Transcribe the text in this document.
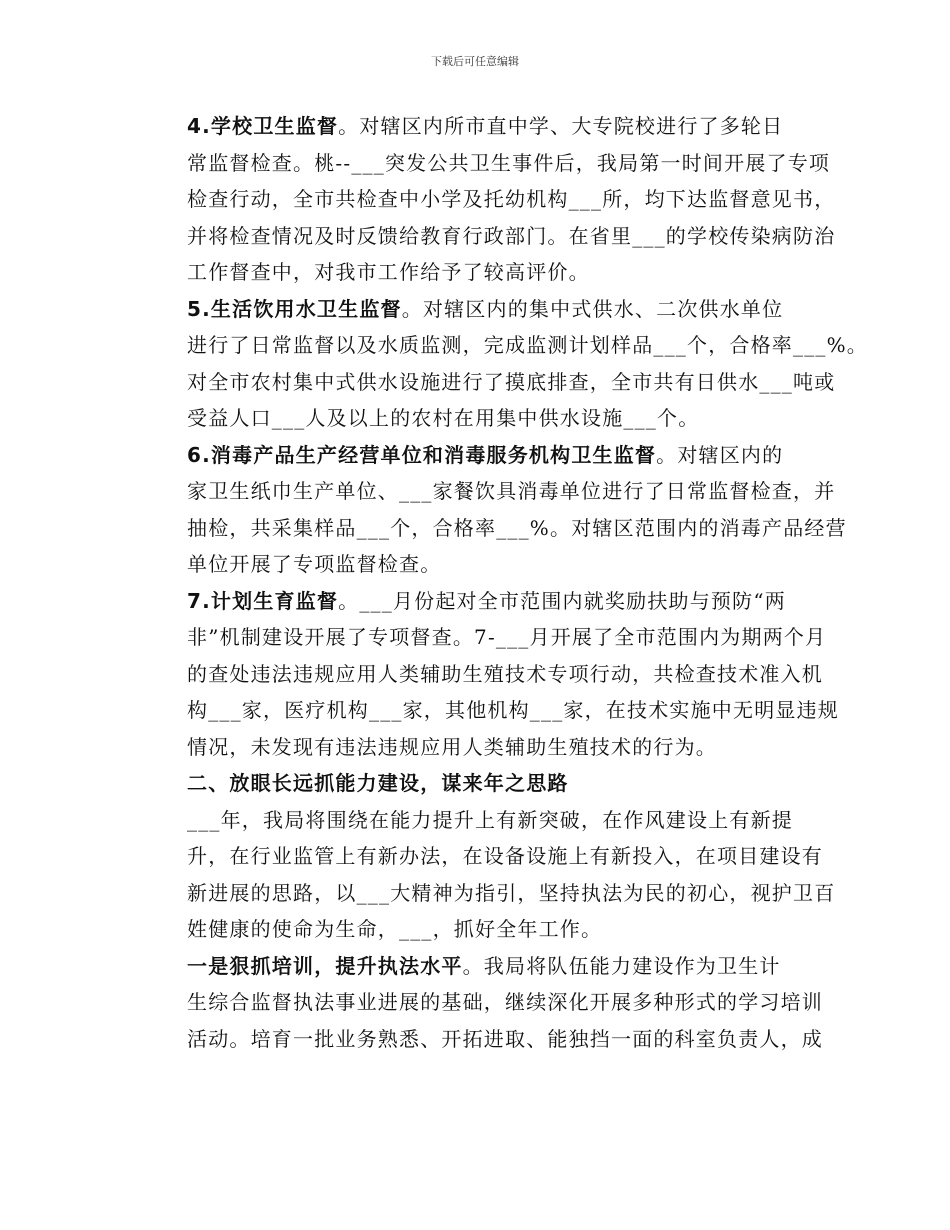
下载后可任意编辑

4.学校卫生监督。对辖区内所市直中学、大专院校进行了多轮日
常监督检查。桃--___突发公共卫生事件后，我局第一时间开展了专项
检查行动，全市共检查中小学及托幼机构___所，均下达监督意见书，
并将检查情况及时反馈给教育行政部门。在省里___的学校传染病防治
工作督查中，对我市工作给予了较高评价。

5.生活饮用水卫生监督。对辖区内的集中式供水、二次供水单位
进行了日常监督以及水质监测，完成监测计划样品___个，合格率___%。
对全市农村集中式供水设施进行了摸底排查，全市共有日供水___吨或
受益人口___人及以上的农村在用集中供水设施___个。

6.消毒产品生产经营单位和消毒服务机构卫生监督。对辖区内的
家卫生纸巾生产单位、___家餐饮具消毒单位进行了日常监督检查，并
抽检，共采集样品___个，合格率___%。对辖区范围内的消毒产品经营
单位开展了专项监督检查。

7.计划生育监督。___月份起对全市范围内就奖励扶助与预防“两
非”机制建设开展了专项督查。7-___月开展了全市范围内为期两个月
的查处违法违规应用人类辅助生殖技术专项行动，共检查技术准入机
构___家，医疗机构___家，其他机构___家，在技术实施中无明显违规
情况，未发现有违法违规应用人类辅助生殖技术的行为。

二、放眼长远抓能力建设，谋来年之思路

___年，我局将围绕在能力提升上有新突破，在作风建设上有新提
升，在行业监管上有新办法，在设备设施上有新投入，在项目建设有
新进展的思路，以___大精神为指引，坚持执法为民的初心，视护卫百
姓健康的使命为生命，___，抓好全年工作。

一是狠抓培训，提升执法水平。我局将队伍能力建设作为卫生计
生综合监督执法事业进展的基础，继续深化开展多种形式的学习培训
活动。培育一批业务熟悉、开拓进取、能独挡一面的科室负责人，成
